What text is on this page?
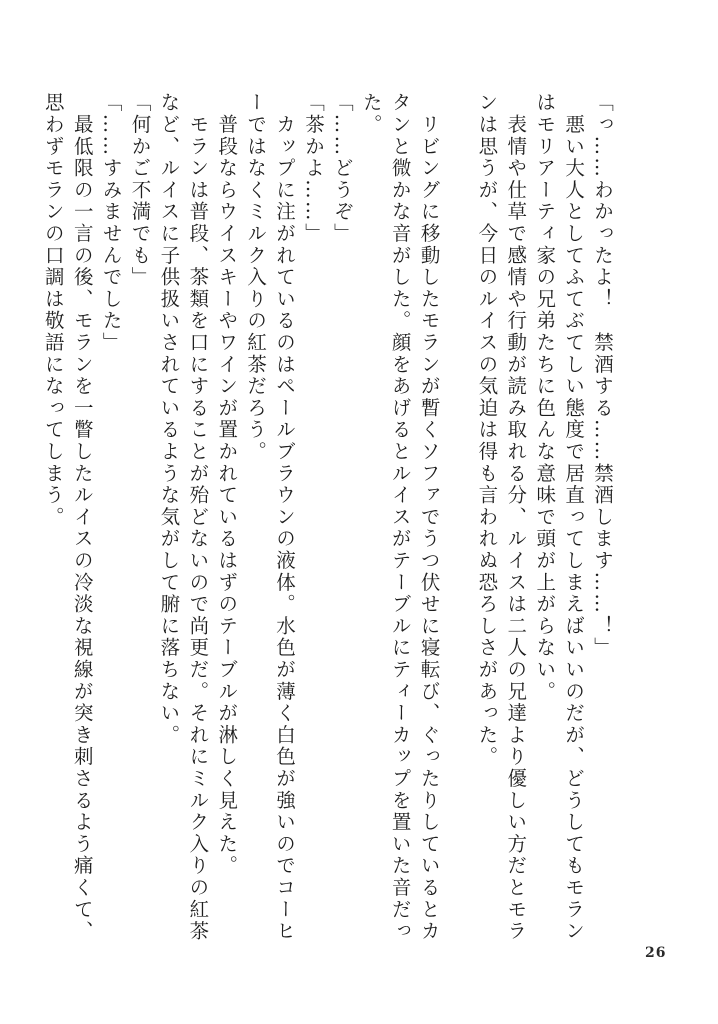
「っ……わかったよ！　禁酒する……禁酒します……！」

　悪い大人としてふてぶてしい態度で居直ってしまえばいいのだが、どうしてもモラン

はモリアーティ家の兄弟たちに色んな意味で頭が上がらない。

　表情や仕草で感情や行動が読み取れる分、ルイスは二人の兄達より優しい方だとモラ

ンは思うが、今日のルイスの気迫は得も言われぬ恐ろしさがあった。

　リビングに移動したモランが暫くソファでうつ伏せに寝転び、ぐったりしているとカ

タンと微かな音がした。顔をあげるとルイスがテーブルにティーカップを置いた音だっ

た。

「……どうぞ」

「茶かよ……」

　カップに注がれているのはペールブラウンの液体。水色が薄く白色が強いのでコーヒ

ーではなくミルク入りの紅茶だろう。

　普段ならウイスキーやワインが置かれているはずのテーブルが淋しく見えた。

　モランは普段、茶類を口にすることが殆どないので尚更だ。それにミルク入りの紅茶

など、ルイスに子供扱いされているような気がして腑に落ちない。

「何かご不満でも」

「……すみませんでした」

　最低限の一言の後、モランを一瞥したルイスの冷淡な視線が突き刺さるよう痛くて、

思わずモランの口調は敬語になってしまう。

26
